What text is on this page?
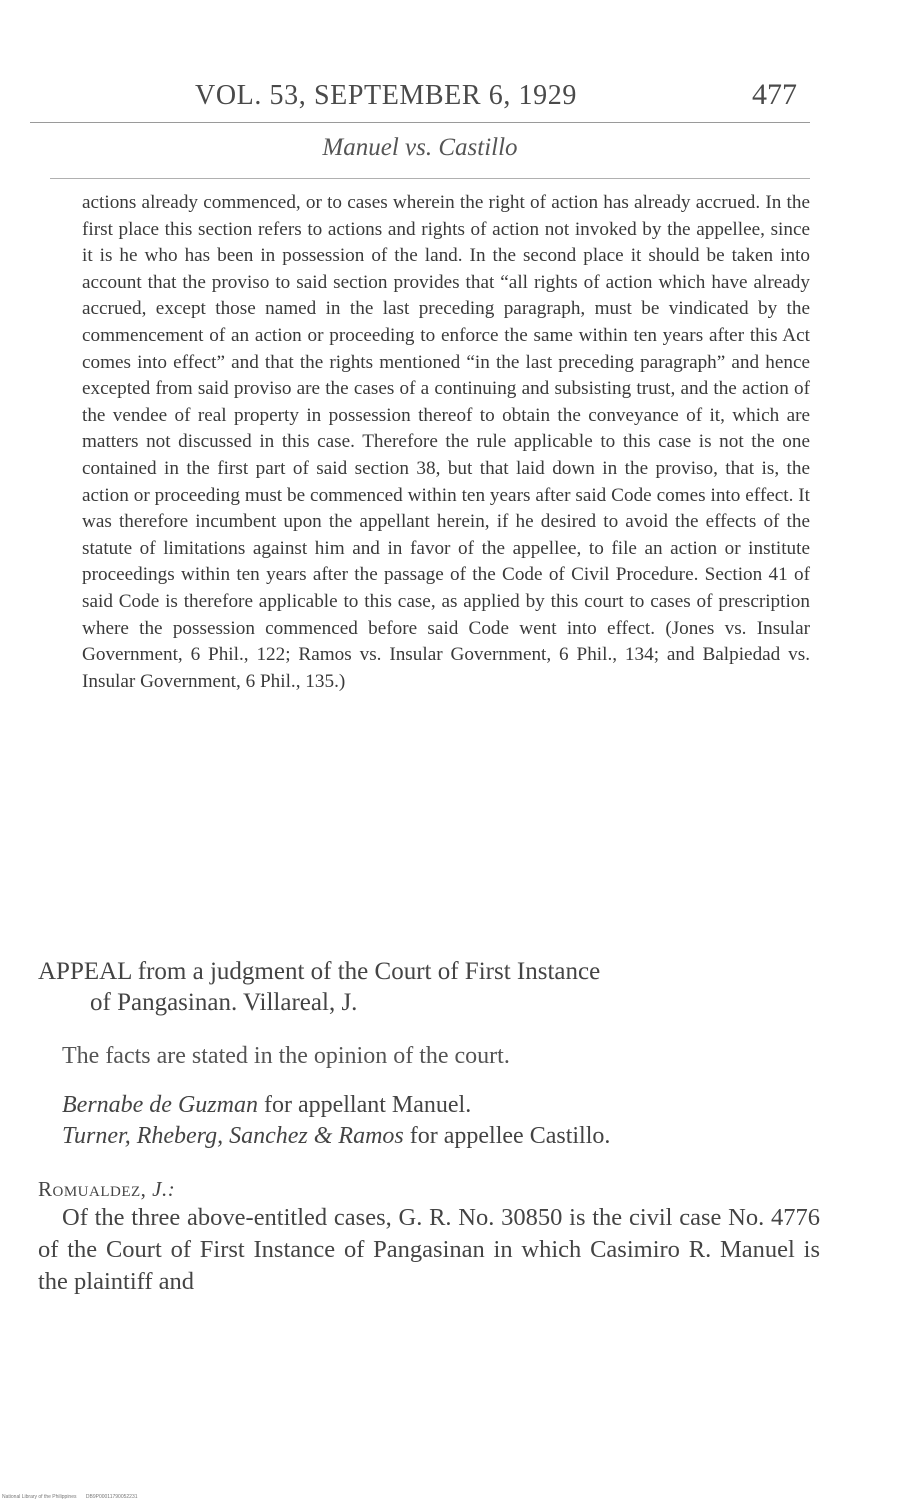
VOL. 53, SEPTEMBER 6, 1929	477
Manuel vs. Castillo

actions already commenced, or to cases wherein the right of action has already accrued. In the first place this section refers to actions and rights of action not invoked by the appellee, since it is he who has been in possession of the land. In the second place it should be taken into account that the proviso to said section provides that “all rights of action which have already accrued, except those named in the last preceding paragraph, must be vindicated by the commencement of an action or proceeding to enforce the same within ten years after this Act comes into effect” and that the rights mentioned “in the last preceding paragraph” and hence excepted from said proviso are the cases of a continuing and subsisting trust, and the action of the vendee of real property in possession thereof to obtain the conveyance of it, which are matters not discussed in this case. Therefore the rule applicable to this case is not the one contained in the first part of said section 38, but that laid down in the proviso, that is, the action or proceeding must be commenced within ten years after said Code comes into effect. It was therefore incumbent upon the appellant herein, if he desired to avoid the effects of the statute of limitations against him and in favor of the appellee, to file an action or institute proceedings within ten years after the passage of the Code of Civil Procedure. Section 41 of said Code is therefore applicable to this case, as applied by this court to cases of prescription where the possession commenced before said Code went into effect. (Jones vs. Insular Government, 6 Phil., 122; Ramos vs. Insular Government, 6 Phil., 134; and Balpiedad vs. Insular Government, 6 Phil., 135.)

APPEAL from a judgment of the Court of First Instance
of Pangasinan. Villareal, J.
The facts are stated in the opinion of the court.
Bernabe de Guzman for appellant Manuel.
Turner, Rheberg, Sanchez & Ramos for appellee Castillo.
Romualdez, J.:
Of the three above-entitled cases, G. R. No. 30850 is the civil case No. 4776 of the Court of First Instance of Pangasinan in which Casimiro R. Manuel is the plaintiff and
National Library of the Philippines DB9P00011790052231
